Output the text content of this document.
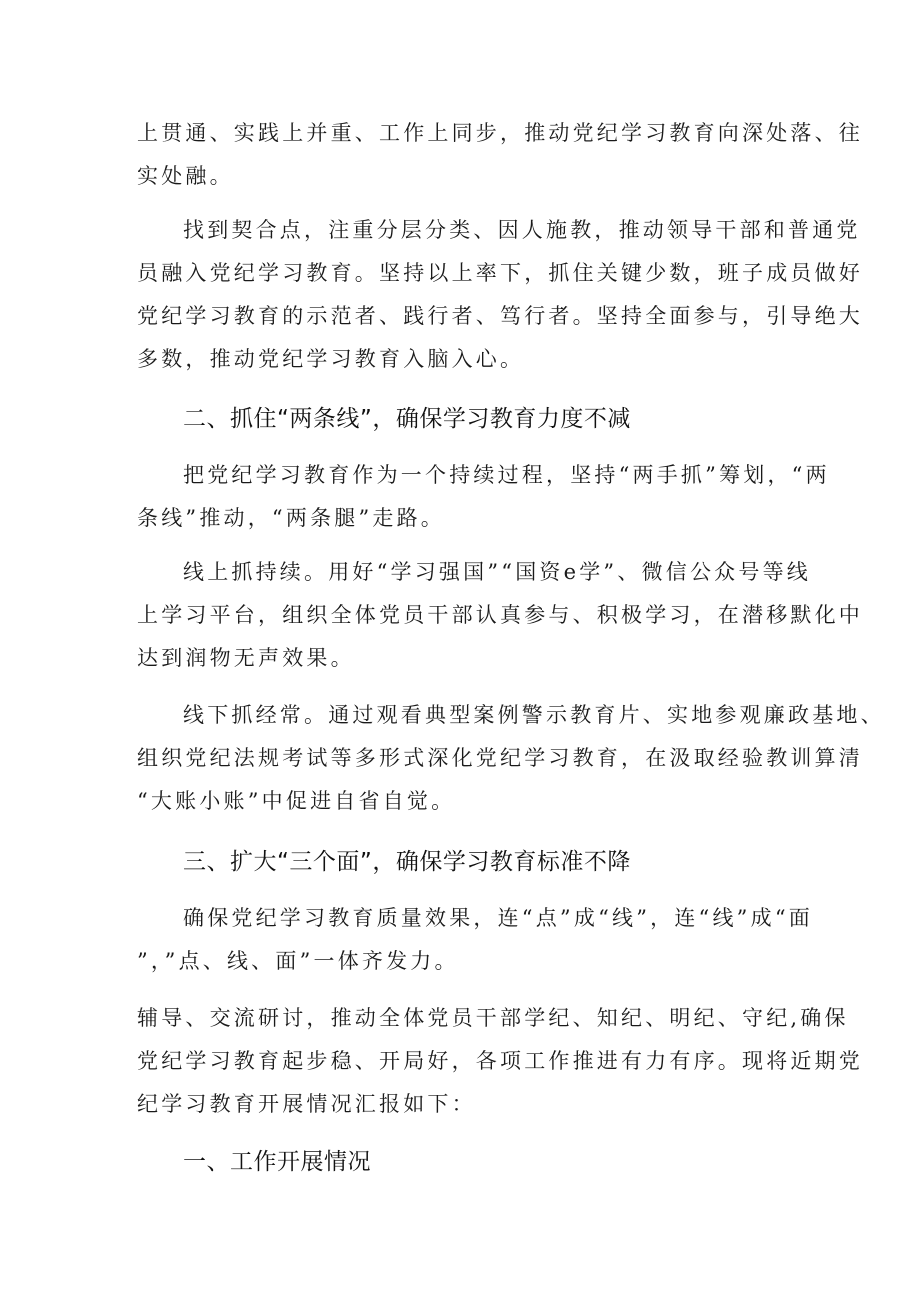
上贯通、实践上并重、工作上同步，推动党纪学习教育向深处落、往
实处融。
找到契合点，注重分层分类、因人施教，推动领导干部和普通党
员融入党纪学习教育。坚持以上率下，抓住关键少数，班子成员做好
党纪学习教育的示范者、践行者、笃行者。坚持全面参与，引导绝大
多数，推动党纪学习教育入脑入心。
二、抓住“两条线”，确保学习教育力度不减
把党纪学习教育作为一个持续过程，坚持“两手抓”筹划，“两
条线”推动，“两条腿”走路。
线上抓持续。用好“学习强国”“国资e学”、微信公众号等线
上学习平台，组织全体党员干部认真参与、积极学习，在潜移默化中
达到润物无声效果。
线下抓经常。通过观看典型案例警示教育片、实地参观廉政基地、
组织党纪法规考试等多形式深化党纪学习教育，在汲取经验教训算清
“大账小账”中促进自省自觉。
三、扩大“三个面”，确保学习教育标准不降
确保党纪学习教育质量效果，连“点”成“线”，连“线”成“面
”，”点、线、面”一体齐发力。
辅导、交流研讨，推动全体党员干部学纪、知纪、明纪、守纪,确保
党纪学习教育起步稳、开局好，各项工作推进有力有序。现将近期党
纪学习教育开展情况汇报如下：
一、工作开展情况
